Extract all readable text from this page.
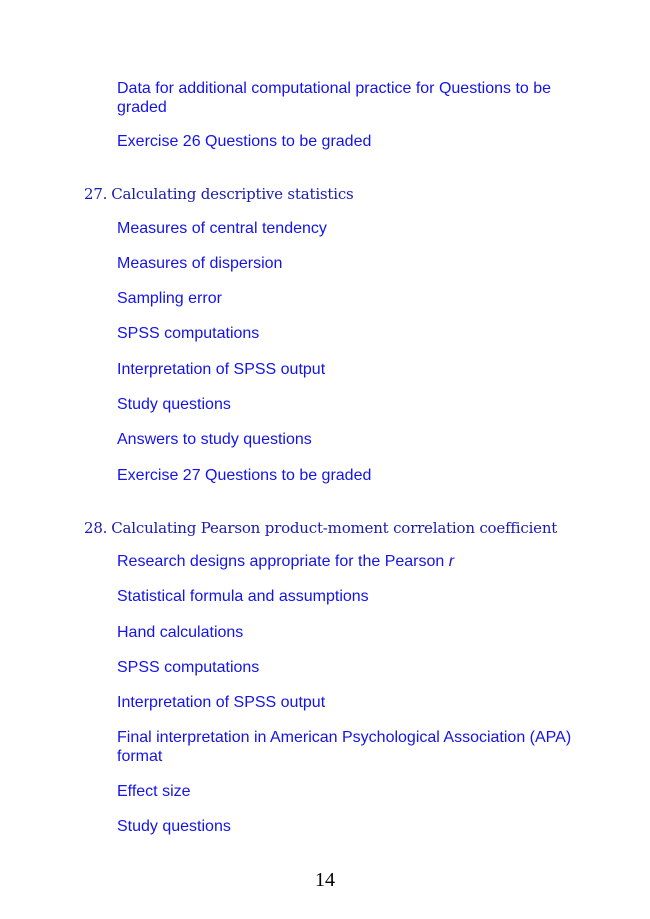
Data for additional computational practice for Questions to be graded
Exercise 26 Questions to be graded
27. Calculating descriptive statistics
Measures of central tendency
Measures of dispersion
Sampling error
SPSS computations
Interpretation of SPSS output
Study questions
Answers to study questions
Exercise 27 Questions to be graded
28. Calculating Pearson product-moment correlation coefficient
Research designs appropriate for the Pearson r
Statistical formula and assumptions
Hand calculations
SPSS computations
Interpretation of SPSS output
Final interpretation in American Psychological Association (APA) format
Effect size
Study questions
14
